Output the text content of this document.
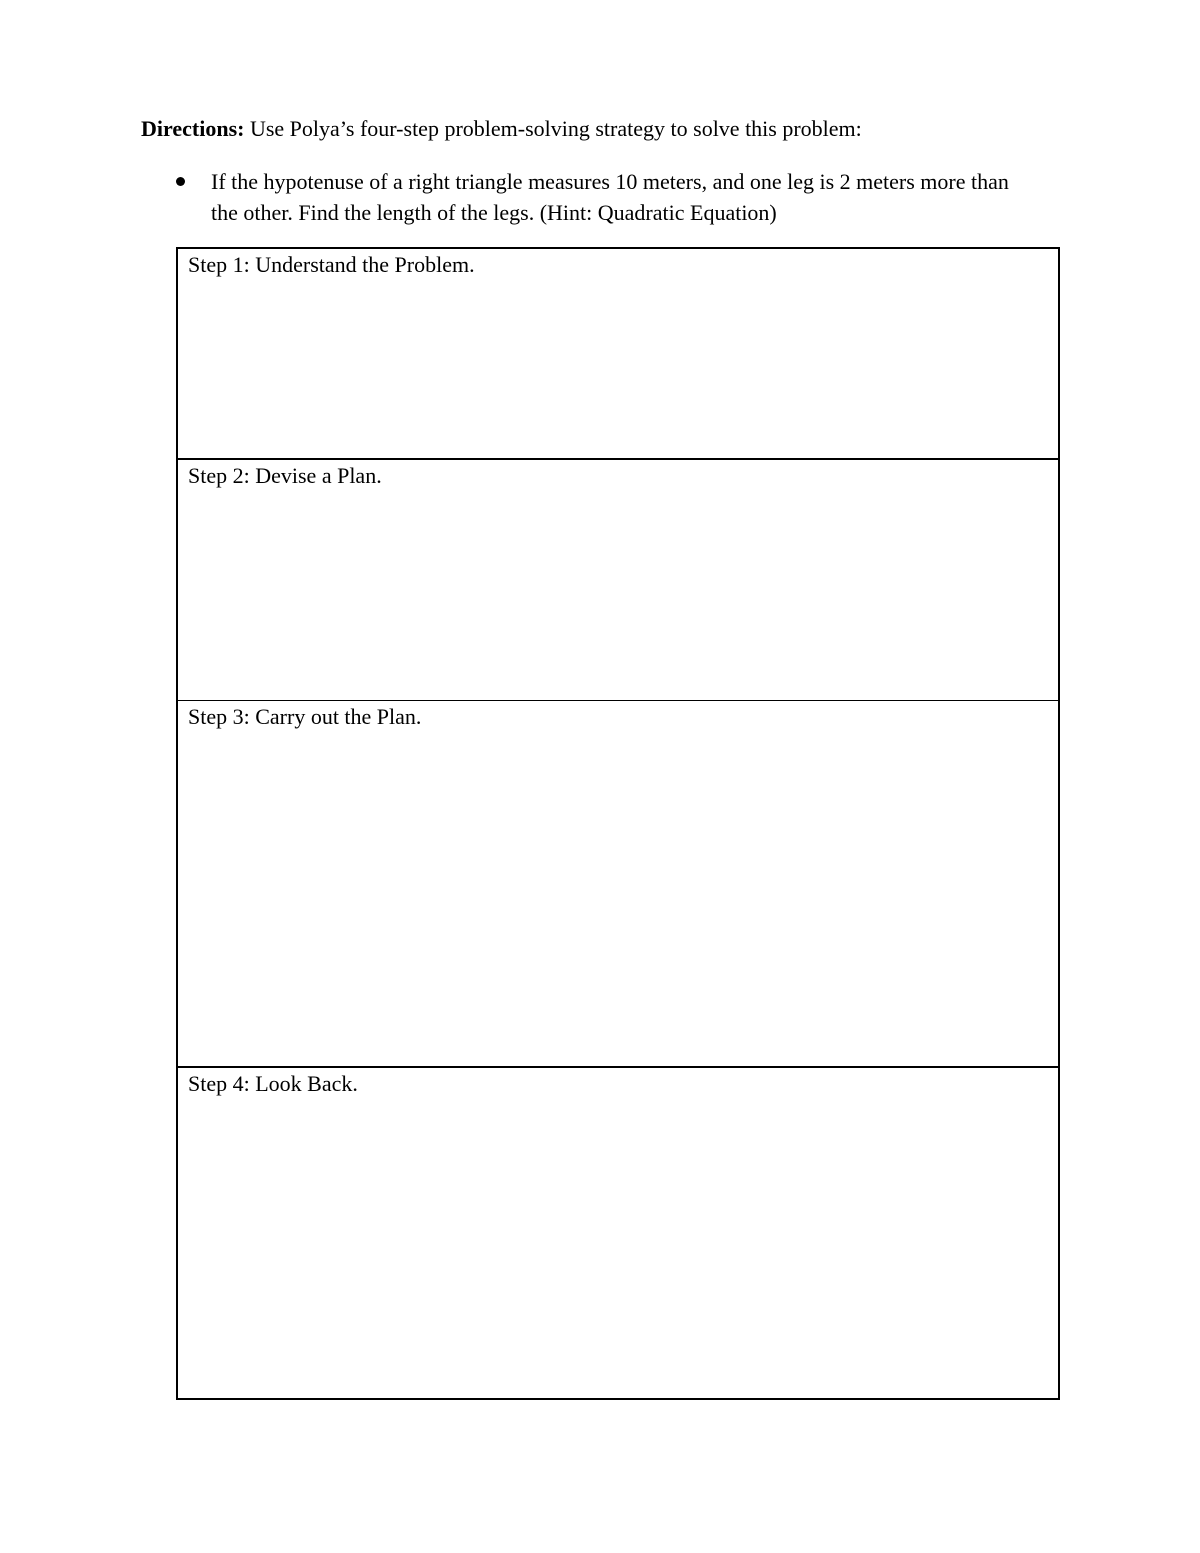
Directions: Use Polya’s four-step problem-solving strategy to solve this problem:
If the hypotenuse of a right triangle measures 10 meters, and one leg is 2 meters more than the other. Find the length of the legs. (Hint: Quadratic Equation)
Step 1: Understand the Problem.
Step 2: Devise a Plan.
Step 3: Carry out the Plan.
Step 4: Look Back.
